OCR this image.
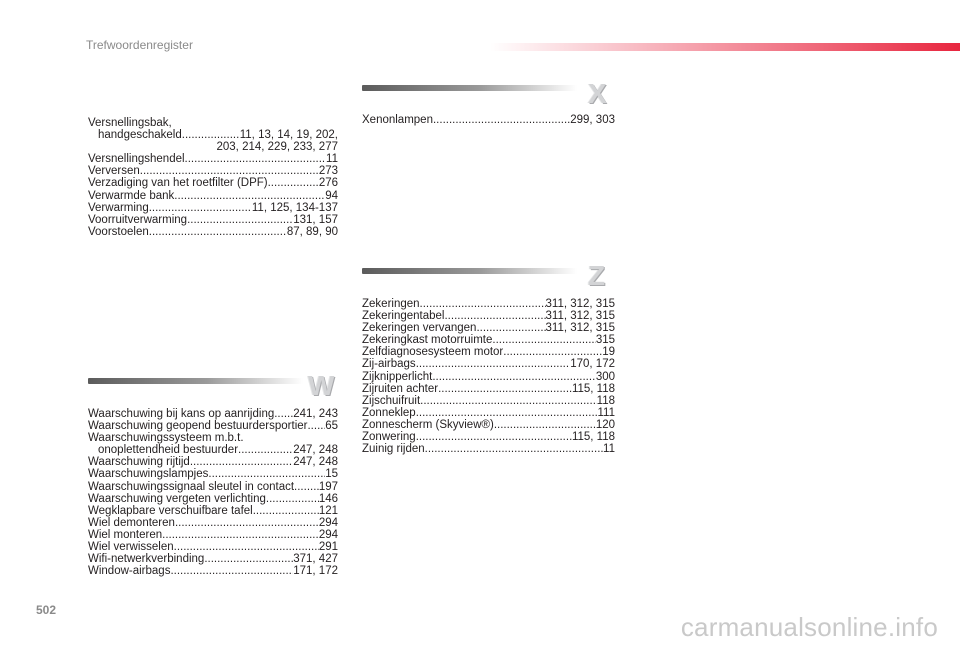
Trefwoordenregister
Versnellingsbak,
handgeschakeld .....	11, 13, 14, 19, 202,
203, 214, 229, 233, 277
Versnellingshendel .....	11
Verversen .....	273
Verzadiging van het roetfilter (DPF) .....	276
Verwarmde bank .....	94
Verwarming .....	11, 125, 134-137
Voorruitverwarming .....	131, 157
Voorstoelen .....	87, 89, 90
W
Waarschuwing bij kans op aanrijding ..... 241, 243
Waarschuwing geopend bestuurdersportier ..... 65
Waarschuwingssysteem m.b.t.
onoplettendheid bestuurder .....	247, 248
Waarschuwing rijtijd .....	247, 248
Waarschuwingslampjes .....	15
Waarschuwingssignaal sleutel in contact ..... 197
Waarschuwing vergeten verlichting .....	146
Wegklapbare verschuifbare tafel .....	121
Wiel demonteren .....	294
Wiel monteren .....	294
Wiel verwisselen .....	291
Wifi-netwerkverbinding .....	371, 427
Window-airbags .....	171, 172
X
Xenonlampen .....	299, 303
Z
Zekeringen .....	311, 312, 315
Zekeringentabel .....	311, 312, 315
Zekeringen vervangen .....	311, 312, 315
Zekeringkast motorruimte .....	315
Zelfdiagnosesysteem motor .....	19
Zij-airbags .....	170, 172
Zijknipperlicht .....	300
Zijruiten achter .....	115, 118
Zijschuifruit .....	118
Zonneklep .....	111
Zonnescherm (Skyview®) .....	120
Zonwering .....	115, 118
Zuinig rijden .....	11
502
carmanualsonline.info
